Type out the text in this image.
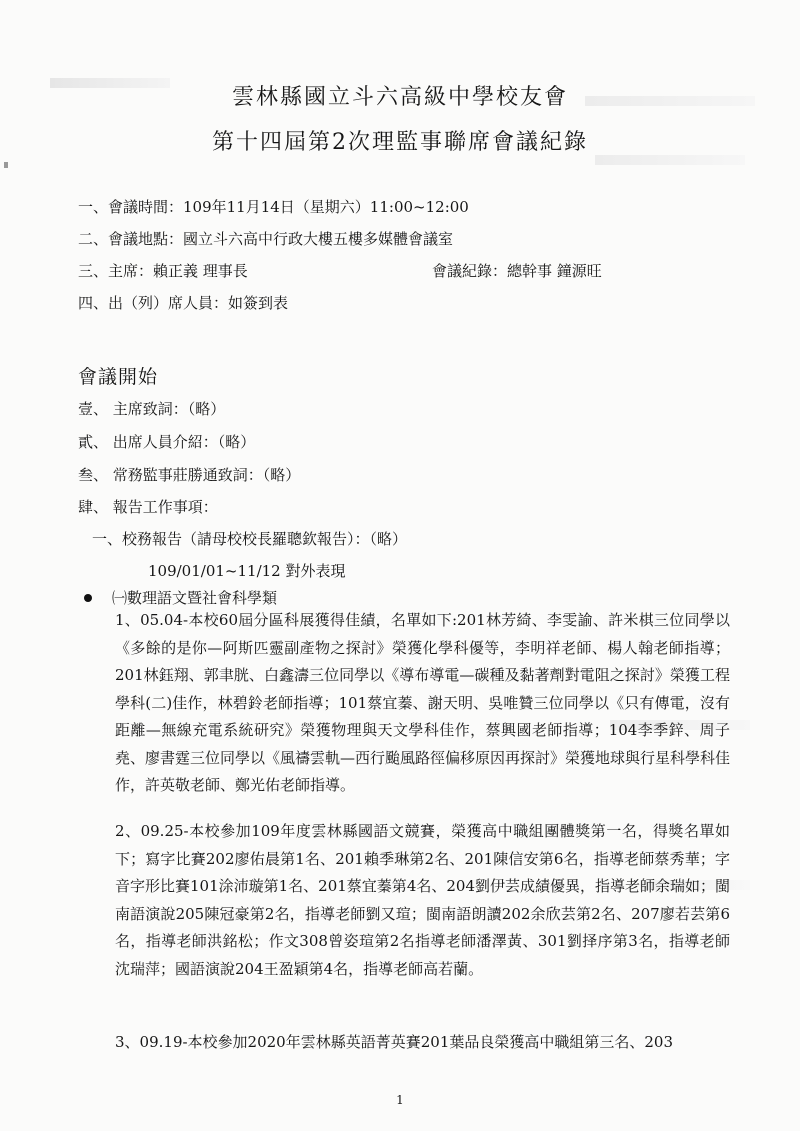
雲林縣國立斗六高級中學校友會
第十四屆第2次理監事聯席會議紀錄
一、會議時間：109年11月14日（星期六）11:00~12:00
二、會議地點：國立斗六高中行政大樓五樓多媒體會議室
三、主席：賴正義 理事長	會議紀錄：總幹事 鐘源旺
四、出（列）席人員：如簽到表
會議開始
壹、 主席致詞：（略）
貳、 出席人員介紹：（略）
叁、 常務監事莊勝通致詞：（略）
肆、 報告工作事項：
一、校務報告（請母校校長羅聰欽報告）：（略）
109/01/01~11/12 對外表現
㈠數理語文暨社會科學類
1、05.04-本校60屆分區科展獲得佳績，名單如下:201林芳綺、李雯諭、許米棋三位同學以《多餘的是你—阿斯匹靈副產物之探討》榮獲化學科優等，李明祥老師、楊人翰老師指導；201林鈺翔、郭聿胱、白鑫濤三位同學以《導布導電—碳種及黏著劑對電阻之探討》榮獲工程學科(二)佳作，林碧鈴老師指導；101蔡宜蓁、謝天明、吳唯贊三位同學以《只有傳電，沒有距離—無線充電系統研究》榮獲物理與天文學科佳作，蔡興國老師指導；104李季鋅、周子堯、廖書霆三位同學以《風禱雲軌—西行颱風路徑偏移原因再探討》榮獲地球與行星科學科佳作，許英敬老師、鄭光佑老師指導。
2、09.25-本校參加109年度雲林縣國語文競賽，榮獲高中職組團體獎第一名，得獎名單如下；寫字比賽202廖佑晨第1名、201賴季琳第2名、201陳信安第6名，指導老師蔡秀華；字音字形比賽101涂沛璇第1名、201蔡宜蓁第4名、204劉伊芸成績優異，指導老師余瑞如；閩南語演說205陳冠豪第2名，指導老師劉又瑄；閩南語朗讀202余欣芸第2名、207廖若芸第6名，指導老師洪銘松；作文308曾姿瑄第2名指導老師潘澤黃、301劉择序第3名，指導老師沈瑞萍；國語演說204王盈穎第4名，指導老師高若蘭。
3、09.19-本校參加2020年雲林縣英語菁英賽201葉品良榮獲高中職組第三名、203
1
